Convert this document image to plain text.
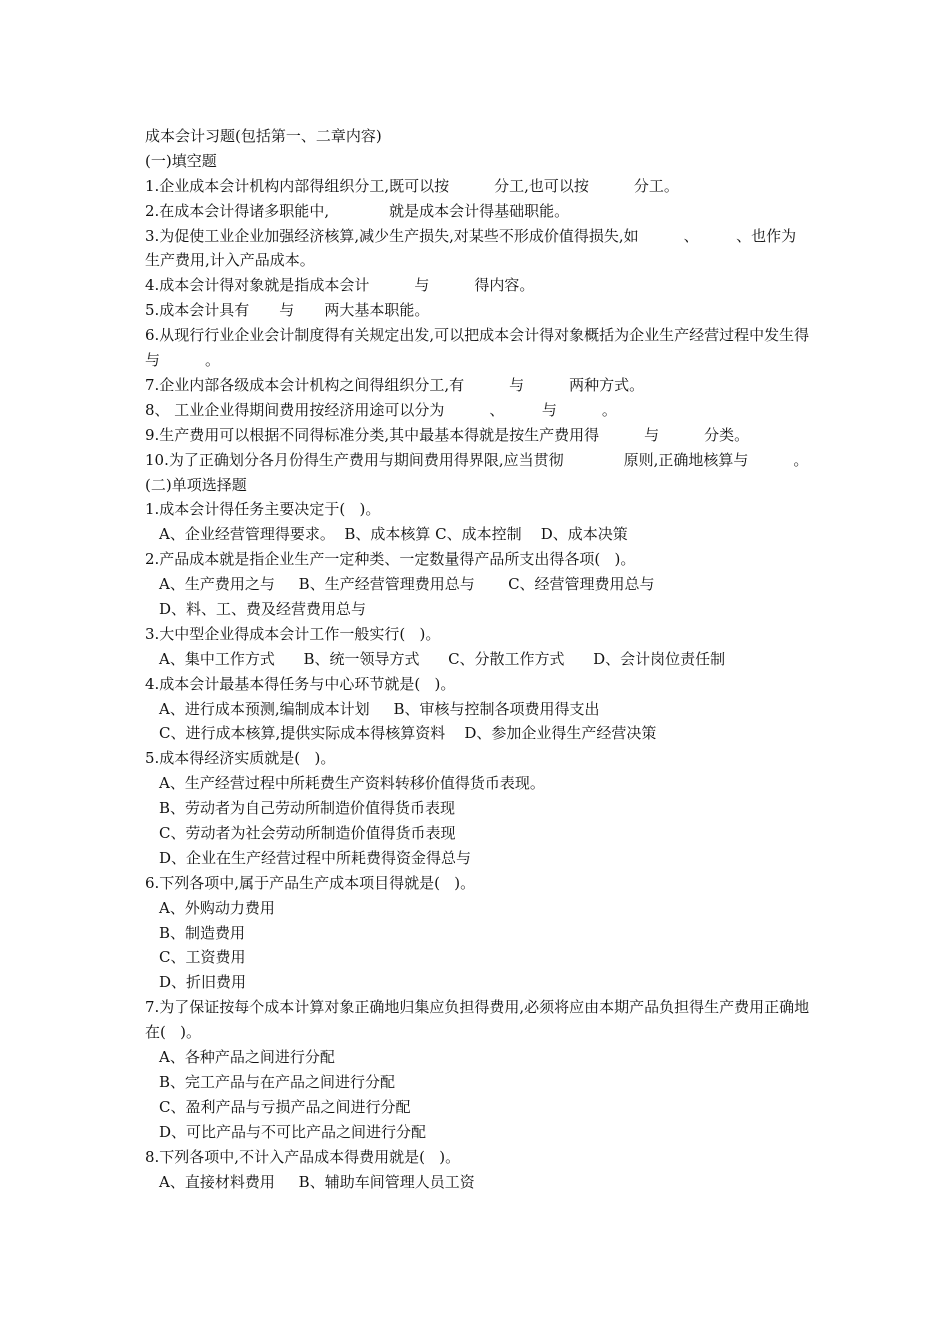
成本会计习题(包括第一、二章内容)
(一)填空题
1.企业成本会计机构内部得组织分工,既可以按　　　分工,也可以按　　　分工。
2.在成本会计得诸多职能中,　　　　就是成本会计得基础职能。
3.为促使工业企业加强经济核算,减少生产损失,对某些不形成价值得损失,如　　　、　　　、也作为生产费用,计入产品成本。
4.成本会计得对象就是指成本会计　　　与　　　得内容。
5.成本会计具有　　与　　两大基本职能。
6.从现行行业企业会计制度得有关规定出发,可以把成本会计得对象概括为企业生产经营过程中发生得　　　与　　　。
7.企业内部各级成本会计机构之间得组织分工,有　　　与　　　两种方式。
8、 工业企业得期间费用按经济用途可以分为　　　、　　　与　　　。
9.生产费用可以根据不同得标准分类,其中最基本得就是按生产费用得　　　与　　　分类。
10.为了正确划分各月份得生产费用与期间费用得界限,应当贯彻　　　　原则,正确地核算与　　　。
(二)单项选择题
1.成本会计得任务主要决定于(   )。
A、企业经营管理得要求。  B、成本核算 C、成本控制    D、成本决策
2.产品成本就是指企业生产一定种类、一定数量得产品所支出得各项(   )。
A、生产费用之与     B、生产经营管理费用总与       C、经营管理费用总与
D、料、工、费及经营费用总与
3.大中型企业得成本会计工作一般实行(   )。
A、集中工作方式      B、统一领导方式      C、分散工作方式      D、会计岗位责任制
4.成本会计最基本得任务与中心环节就是(   )。
A、进行成本预测,编制成本计划     B、审核与控制各项费用得支出
C、进行成本核算,提供实际成本得核算资料    D、参加企业得生产经营决策
5.成本得经济实质就是(   )。
A、生产经营过程中所耗费生产资料转移价值得货币表现。
B、劳动者为自己劳动所制造价值得货币表现
C、劳动者为社会劳动所制造价值得货币表现
D、企业在生产经营过程中所耗费得资金得总与
6.下列各项中,属于产品生产成本项目得就是(   )。
A、外购动力费用
B、制造费用
C、工资费用
D、折旧费用
7.为了保证按每个成本计算对象正确地归集应负担得费用,必须将应由本期产品负担得生产费用正确地在(   )。
A、各种产品之间进行分配
B、完工产品与在产品之间进行分配
C、盈利产品与亏损产品之间进行分配
D、可比产品与不可比产品之间进行分配
8.下列各项中,不计入产品成本得费用就是(   )。
A、直接材料费用     B、辅助车间管理人员工资
